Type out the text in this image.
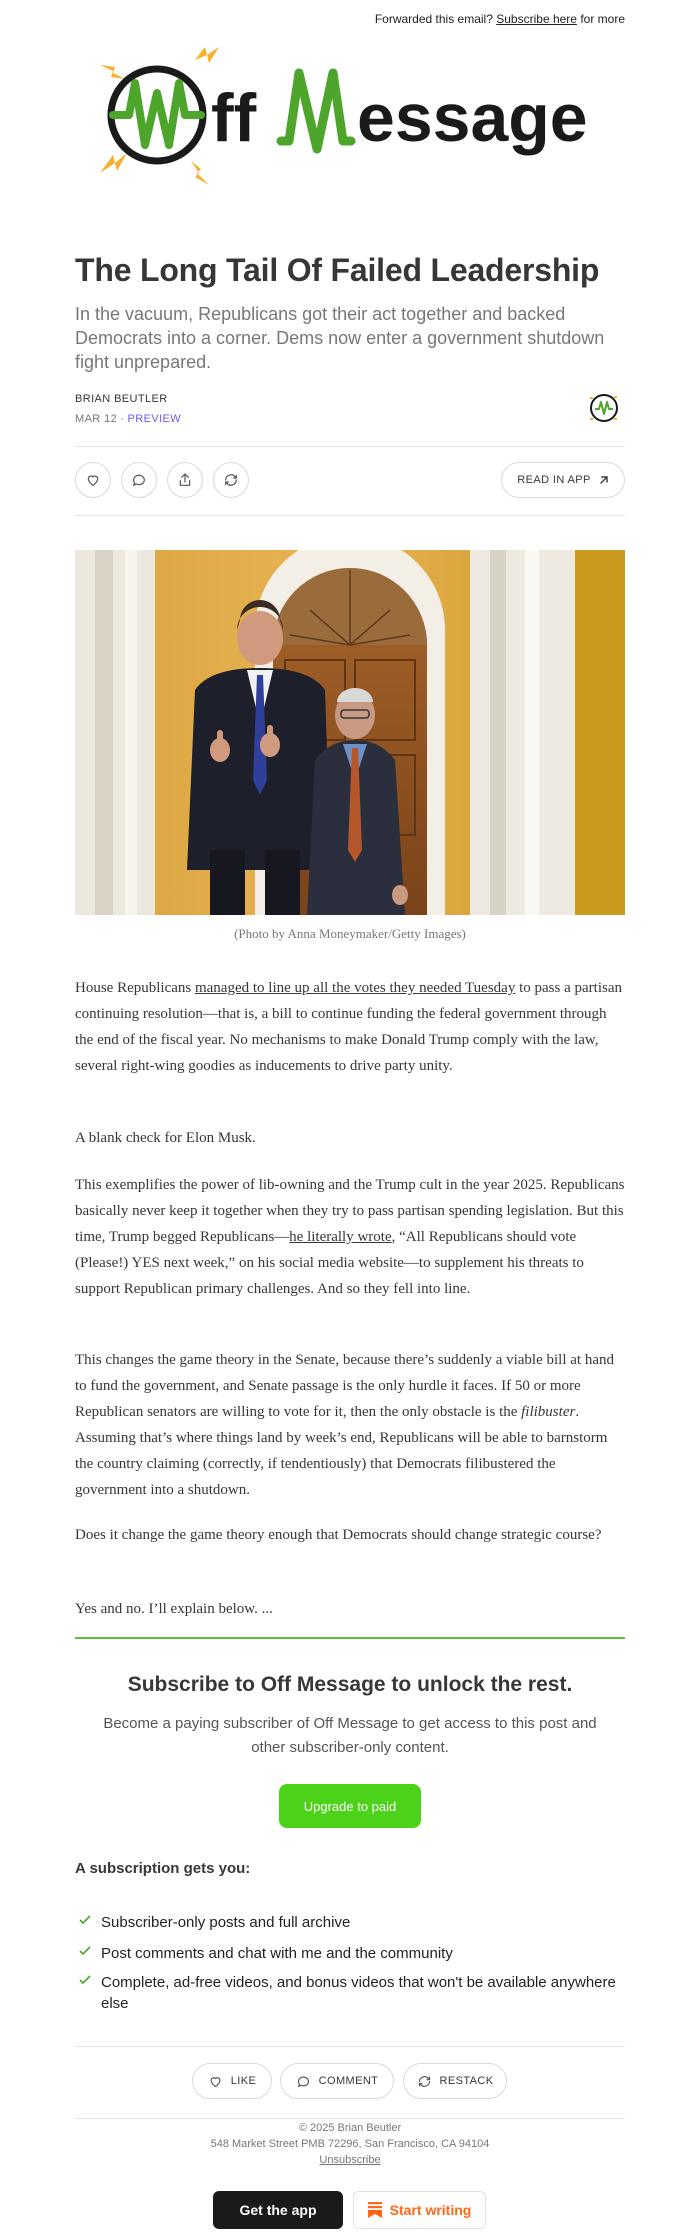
Forwarded this email? Subscribe here for more
ff essage
The Long Tail Of Failed Leadership
In the vacuum, Republicans got their act together and backed Democrats into a corner. Dems now enter a government shutdown fight unprepared.
BRIAN BEUTLER
MAR 12 ∙ PREVIEW
READ IN APP
(Photo by Anna Moneymaker/Getty Images)

House Republicans managed to line up all the votes they needed Tuesday to pass a partisan continuing resolution—that is, a bill to continue funding the federal government through the end of the fiscal year. No mechanisms to make Donald Trump comply with the law, several right-wing goodies as inducements to drive party unity.

A blank check for Elon Musk.

This exemplifies the power of lib-owning and the Trump cult in the year 2025. Republicans basically never keep it together when they try to pass partisan spending legislation. But this time, Trump begged Republicans—he literally wrote, “All Republicans should vote (Please!) YES next week,” on his social media website—to supplement his threats to support Republican primary challenges. And so they fell into line.

This changes the game theory in the Senate, because there’s suddenly a viable bill at hand to fund the government, and Senate passage is the only hurdle it faces. If 50 or more Republican senators are willing to vote for it, then the only obstacle is the filibuster. Assuming that’s where things land by week’s end, Republicans will be able to barnstorm the country claiming (correctly, if tendentiously) that Democrats filibustered the government into a shutdown.

Does it change the game theory enough that Democrats should change strategic course?

Yes and no. I’ll explain below. ...

Subscribe to Off Message to unlock the rest.
Become a paying subscriber of Off Message to get access to this post and other subscriber-only content.
Upgrade to paid
A subscription gets you:
Subscriber-only posts and full archive
Post comments and chat with me and the community
Complete, ad-free videos, and bonus videos that won't be available anywhere else
LIKE	COMMENT	RESTACK
© 2025 Brian Beutler
548 Market Street PMB 72296, San Francisco, CA 94104
Unsubscribe
Get the app	Start writing
